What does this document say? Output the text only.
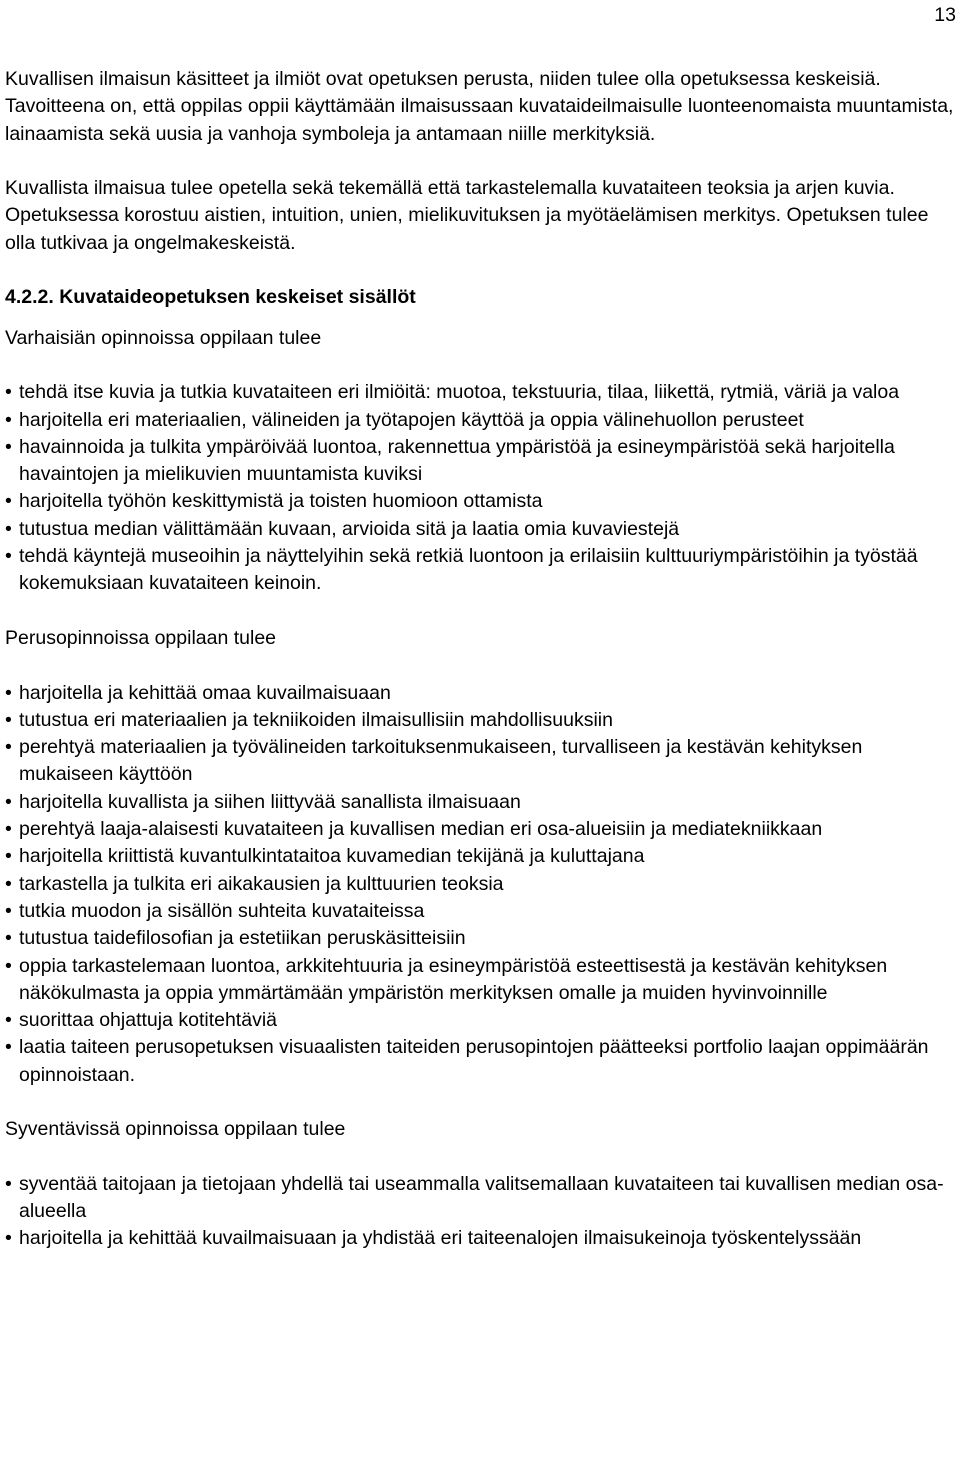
13

Kuvallisen ilmaisun käsitteet ja ilmiöt ovat opetuksen perusta, niiden tulee olla opetuksessa keskeisiä. Tavoitteena on, että oppilas oppii käyttämään ilmaisussaan kuvataideilmaisulle luonteenomaista muuntamista, lainaamista sekä uusia ja vanhoja symboleja ja antamaan niille merkityksiä.

Kuvallista ilmaisua tulee opetella sekä tekemällä että tarkastelemalla kuvataiteen teoksia ja arjen kuvia. Opetuksessa korostuu aistien, intuition, unien, mielikuvituksen ja myötäelämisen merkitys. Opetuksen tulee olla tutkivaa ja ongelmakeskeistä.

4.2.2. Kuvataideopetuksen keskeiset sisällöt

Varhaisiän opinnoissa oppilaan tulee

• tehdä itse kuvia ja tutkia kuvataiteen eri ilmiöitä: muotoa, tekstuuria, tilaa, liikettä, rytmiä, väriä ja valoa
• harjoitella eri materiaalien, välineiden ja työtapojen käyttöä ja oppia välinehuollon perusteet
• havainnoida ja tulkita ympäröivää luontoa, rakennettua ympäristöä ja esineympäristöä sekä harjoitella havaintojen ja mielikuvien muuntamista kuviksi
• harjoitella työhön keskittymistä ja toisten huomioon ottamista
• tutustua median välittämään kuvaan, arvioida sitä ja laatia omia kuvaviestejä
• tehdä käyntejä museoihin ja näyttelyihin sekä retkiä luontoon ja erilaisiin kulttuuriympäristöihin ja työstää kokemuksiaan kuvataiteen keinoin.

Perusopinnoissa oppilaan tulee

• harjoitella ja kehittää omaa kuvailmaisuaan
• tutustua eri materiaalien ja tekniikoiden ilmaisullisiin mahdollisuuksiin
• perehtyä materiaalien ja työvälineiden tarkoituksenmukaiseen, turvalliseen ja kestävän kehityksen mukaiseen käyttöön
• harjoitella kuvallista ja siihen liittyvää sanallista ilmaisuaan
• perehtyä laaja-alaisesti kuvataiteen ja kuvallisen median eri osa-alueisiin ja mediatekniikkaan
• harjoitella kriittistä kuvantulkintataitoa kuvamedian tekijänä ja kuluttajana
• tarkastella ja tulkita eri aikakausien ja kulttuurien teoksia
• tutkia muodon ja sisällön suhteita kuvataiteissa
• tutustua taidefilosofian ja estetiikan peruskäsitteisiin
• oppia tarkastelemaan luontoa, arkkitehtuuria ja esineympäristöä esteettisestä ja kestävän kehityksen näkökulmasta ja oppia ymmärtämään ympäristön merkityksen omalle ja muiden hyvinvoinnille
• suorittaa ohjattuja kotitehtäviä
• laatia taiteen perusopetuksen visuaalisten taiteiden perusopintojen päätteeksi portfolio laajan oppimäärän opinnoistaan.

Syventävissä opinnoissa oppilaan tulee

• syventää taitojaan ja tietojaan yhdellä tai useammalla valitsemallaan kuvataiteen tai kuvallisen median osa-alueella
• harjoitella ja kehittää kuvailmaisuaan ja yhdistää eri taiteenalojen ilmaisukeinoja työskentelyssään
